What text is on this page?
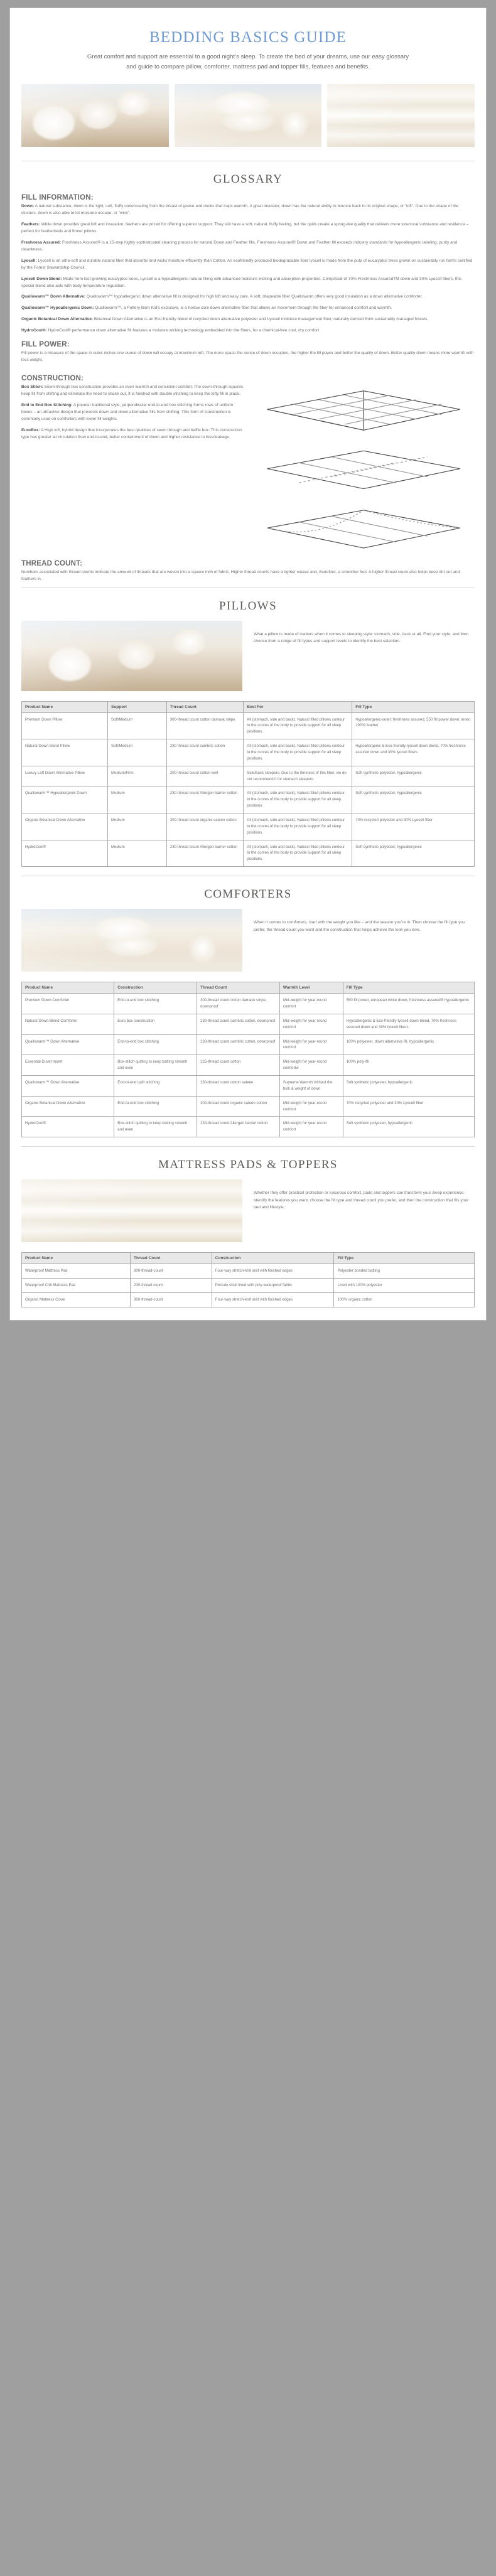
BEDDING BASICS GUIDE

Great comfort and support are essential to a good night’s sleep. To create the bed of your dreams, use our easy glossary and guide to compare pillow, comforter, mattress pad and topper fills, features and benefits.

GLOSSARY
FILL INFORMATION:

Down: A natural substance, down is the light, soft, fluffy undercoating from the breast of geese and ducks that traps warmth. A great insulator, down has the natural ability to bounce back to its original shape, or ”loft”. Due to the shape of the clusters, down is also able to let moisture escape, or ”wick”.

Feathers: While down provides great loft and insulation, feathers are prized for offering superior support. They still have a soft, natural, fluffy feeling, but the quills create a spring-like quality that delivers more structural substance and resilience – perfect for featherbeds and firmer pillows.

Freshness Assured: Freshness Assured® is a 15-step highly sophisticated cleaning process for natural Down and Feather fills. Freshness Assured® Down and Feather fill exceeds industry standards for hypoallergenic labeling, purity and cleanliness.

Lyocell: Lyocell is an ultra-soft and durable natural fiber that absorbs and wicks moisture efficiently than Cotton. An ecofriendly produced biodegradable fiber lyocell is made from the pulp of eucalyptus trees grown on sustainably run farms certified by the Forest Stewardship Council.

Lyocell Down Blend: Made from fast-growing eucalyptus trees, Lyocell is a hypoallergenic natural filling with advanced moisture wicking and absorption properties. Comprised of 70% Freshness AssuredTM down and 30% Lyocell fibers, this special blend also aids with body temperature regulation.

Quallowarm™ Down Alternative: Quallowarm™ hypoallergenic down alternative fill is designed for high loft and easy care. A soft, drapeable fiber Quallowarm offers very good insulation as a down alternative comforter.

Quallowarm™ Hypoallergenic Down: Quallowarm™, a Pottery Barn Kid’s exclusive, is a hollow core down alternative fiber that allows air movement through the fiber for enhanced comfort and warmth.

Organic Botanical Down Alternative: Botanical Down Alternative is an Eco-friendly blend of recycled down alternative polyester and Lyocell moisture management fiber, naturally derived from sustainably managed forests.

HydroCool®: HydroCool® performance down alternative fill features a moisture wicking technology embedded into the fibers, for a chemical-free cool, dry comfort.

FILL POWER:

Fill power is a measure of the space in cubic inches one ounce of down will occupy at maximum loft. The more space the ounce of down occupies, the higher the fill power and better the quality of down. Better quality down means more warmth with less weight.

CONSTRUCTION:

Box Stitch: Sewn-through box construction provides an even warmth and consistent comfort. The sewn-through squares keep fill from shifting and eliminate the need to shake out. It is finished with double stitching to keep the lofty fill in place.

End to End Box Stitching: A popular traditional style, perpendicular end-to-end box stitching forms rows of uniform boxes – an attractive design that prevents down and down alternative fills from shifting. This form of construction is commonly used on comforters with lower fill weights.

EuroBox: A High loft, hybrid design that incorporates the best qualities of sewn through and baffle box. This construction type has greater air circulation than end-to-end, better containment of down and higher resistance to loss/leakage.

THREAD COUNT:

Numbers associated with thread counts indicate the amount of threads that are woven into a square inch of fabric. Higher thread counts have a tighter weave and, therefore, a smoother feel. A higher thread count also helps keep dirt out and feathers in.

PILLOWS
What a pillow is made of matters when it comes to sleeping style: stomach, side, back or all. Find your style, and then choose from a range of fill types and support levels to identify the best selection.
Product Name	Support	Thread Count	Best For	Fill Type
Premium Down Pillow	Soft/Medium	300-thread count cotton damask stripe	All (stomach, side and back). Natural filled pillows contour to the curves of the body to provide support for all sleep positions.	Hypoallergenic-outer: freshness assured, 550 fill power down; inner: 100% feather
Natural Down-blend Pillow	Soft/Medium	230-thread count cambric cotton	All (stomach, side and back). Natural filled pillows contour to the curves of the body to provide support for all sleep positions.	Hypoallergenic & Eco-friendly-lyocell down blend, 70% freshness assured down and 30% lyocell fibers
Luxury Loft Down Alternative Pillow	Medium/Firm	200-thread count cotton-twill	Side/back sleepers. Due to the firmness of this fiber, we do not recommend it for stomach sleepers.	Soft synthetic polyester, hypoallergenic
Quallowarm™ Hypoallergenic Down	Medium	230-thread count Allergen barrier cotton	All (stomach, side and back). Natural filled pillows contour to the curves of the body to provide support for all sleep positions.	Soft synthetic polyester, hypoallergenic
Organic Botanical Down Alternative	Medium	300-thread count organic sateen cotton	All (stomach, side and back). Natural filled pillows contour to the curves of the body to provide support for all sleep positions.	70% recycled polyester and 30% Lyocell fiber
HydroCool®	Medium	230-thread count Allergen barrier cotton	All (stomach, side and back). Natural filled pillows contour to the curves of the body to provide support for all sleep positions.	Soft synthetic polyester, hypoallergenic
COMFORTERS
When it comes to comforters, start with the weight you like – and the season you’re in. Then choose the fill type you prefer, the thread count you want and the construction that helps achieve the look you love.
Product Name	Construction	Thread Count	Warmth Level	Fill Type
Premium Down Comforter	End-to-end box stitching	300-thread count cotton damask stripe, downproof	Mid-weight for year-round comfort	550 fill power, european white down, freshness assured® hypoallergenic
Natural Down-Blend Comforter	Euro box construction	230-thread count cambric cotton, downproof	Mid-weight for year-round comfort	Hypoallergenic & Eco-friendly-lyocell down blend, 70% freshness assured down and 30% lyocell fibers
Quallowarm™ Down Alternative	End-to-end box stitching	230-thread count cambric cotton, downproof	Mid-weight for year-round comfort	100% polyester, down alternative fill, hypoallergenic
Essential Duvet Insert	Box-stitch quilting to keep batting smooth and even	225-thread count cotton	Mid-weight for year-round comfortw	100% poly-fill
Quallowarm™ Down Alternative	End-to-end quilt stitching	230-thread count cotton sateen	Supreme Warmth without the bulk & weight of down	Soft synthetic polyester, hypoallergenic
Organic Botanical Down Alternative	End-to-end box stitching	300-thread count organic sateen cotton	Mid-weight for year-round comfort	70% recycled polyester and 30% Lyocell fiber
HydroCool®	Box-stitch quilting to keep batting smooth and even	230-thread count Allergen barrier cotton	Mid-weight for year-round comfort	Soft synthetic polyester, hypoallergenic
MATTRESS PADS & TOPPERS
Whether they offer practical protection or luxurious comfort, pads and toppers can transform your sleep experience. Identify the features you want, choose the fill type and thread count you prefer, and then the construction that fits your bed and lifestyle.
Product Name	Thread Count	Construction	Fill Type
Waterproof Mattress Pad	300-thread-count	Four-way stretch-knit skirt with finished edges	Polyester bonded batting
Waterproof Crib Mattress Pad	230-thread count	Percale shell lined with poly-waterproof fabric	Lined with 100% polyester
Organic Mattress Cover	300-thread-count	Four-way stretch-knit skirt with finished edges	100% organic cotton
